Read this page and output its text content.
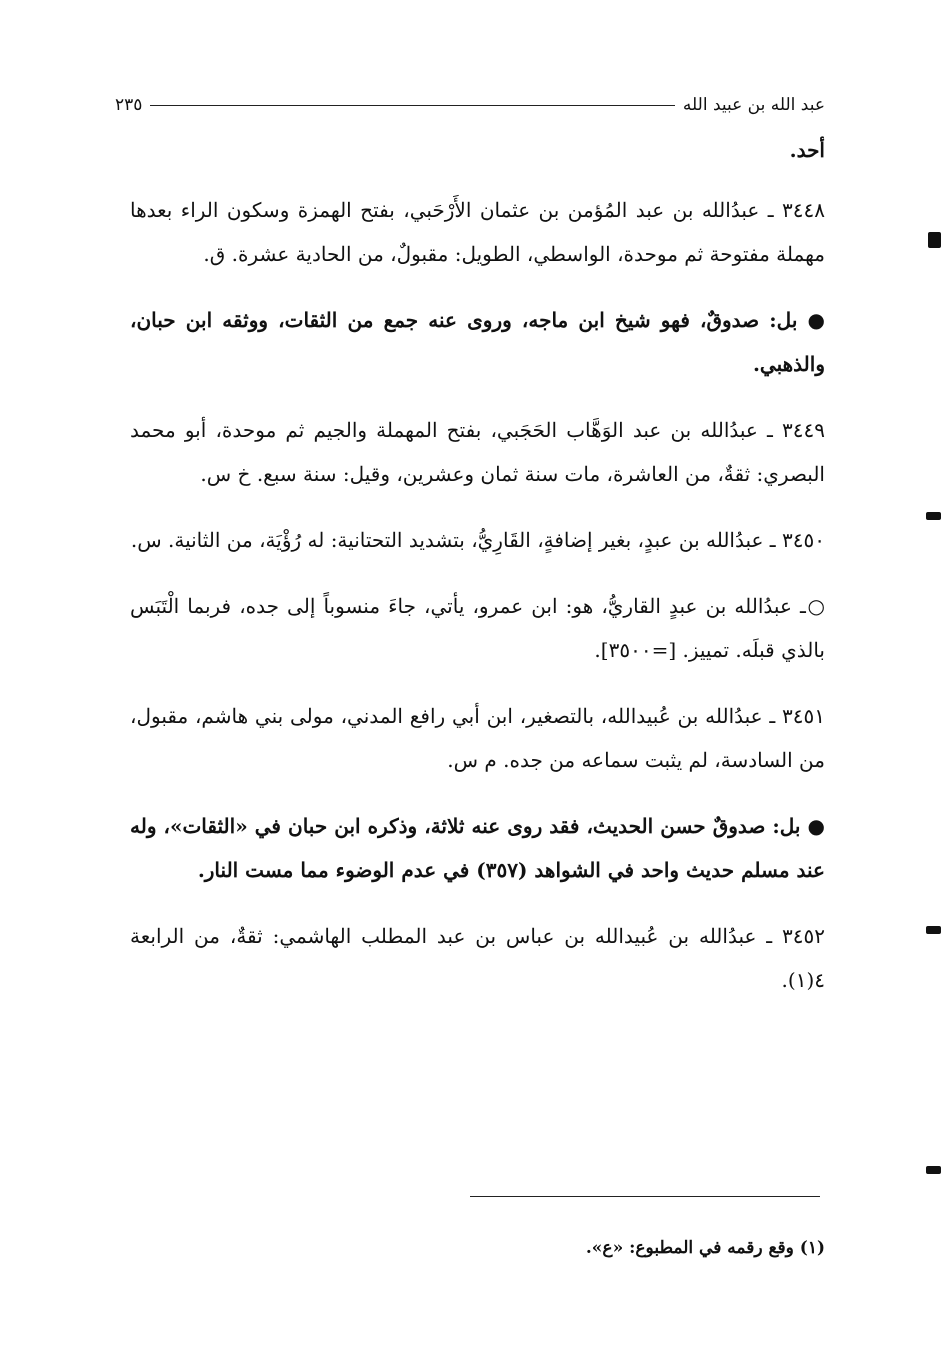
عبد الله بن عبيد الله
٢٣٥

أحد.

٣٤٤٨ ـ عبدُالله بن عبد المُؤمن بن عثمان الأَرْحَبي، بفتح الهمزة وسكون الراء بعدها مهملة مفتوحة ثم موحدة، الواسطي، الطويل: مقبولٌ، من الحادية عشرة. ق.

● بل: صدوقٌ، فهو شيخ ابن ماجه، وروى عنه جمع من الثقات، ووثقه ابن حبان، والذهبي.

٣٤٤٩ ـ عبدُالله بن عبد الوَهَّاب الحَجَبي، بفتح المهملة والجيم ثم موحدة، أبو محمد البصري: ثقةٌ، من العاشرة، مات سنة ثمان وعشرين، وقيل: سنة سبع. خ س.

٣٤٥٠ ـ عبدُالله بن عبدٍ، بغير إضافةٍ، القَارِيُّ، بتشديد التحتانية: له رُؤْيَة، من الثانية. س.

○ـ عبدُالله بن عبدٍ القاريُّ، هو: ابن عمرو، يأتي، جاءَ منسوباً إلى جده، فربما الْتَبَس بالذي قبلَه. تمييز. [=٣٥٠٠].

٣٤٥١ ـ عبدُالله بن عُبيدالله، بالتصغير، ابن أبي رافع المدني، مولى بني هاشم، مقبول، من السادسة، لم يثبت سماعه من جده. م س.

● بل: صدوقٌ حسن الحديث، فقد روى عنه ثلاثة، وذكره ابن حبان في «الثقات»، وله عند مسلم حديث واحد في الشواهد (٣٥٧) في عدم الوضوء مما مست النار.

٣٤٥٢ ـ عبدُالله بن عُبيدالله بن عباس بن عبد المطلب الهاشمي: ثقةٌ، من الرابعة ٤(١).

(١) وقع رقمه في المطبوع: «ع».
